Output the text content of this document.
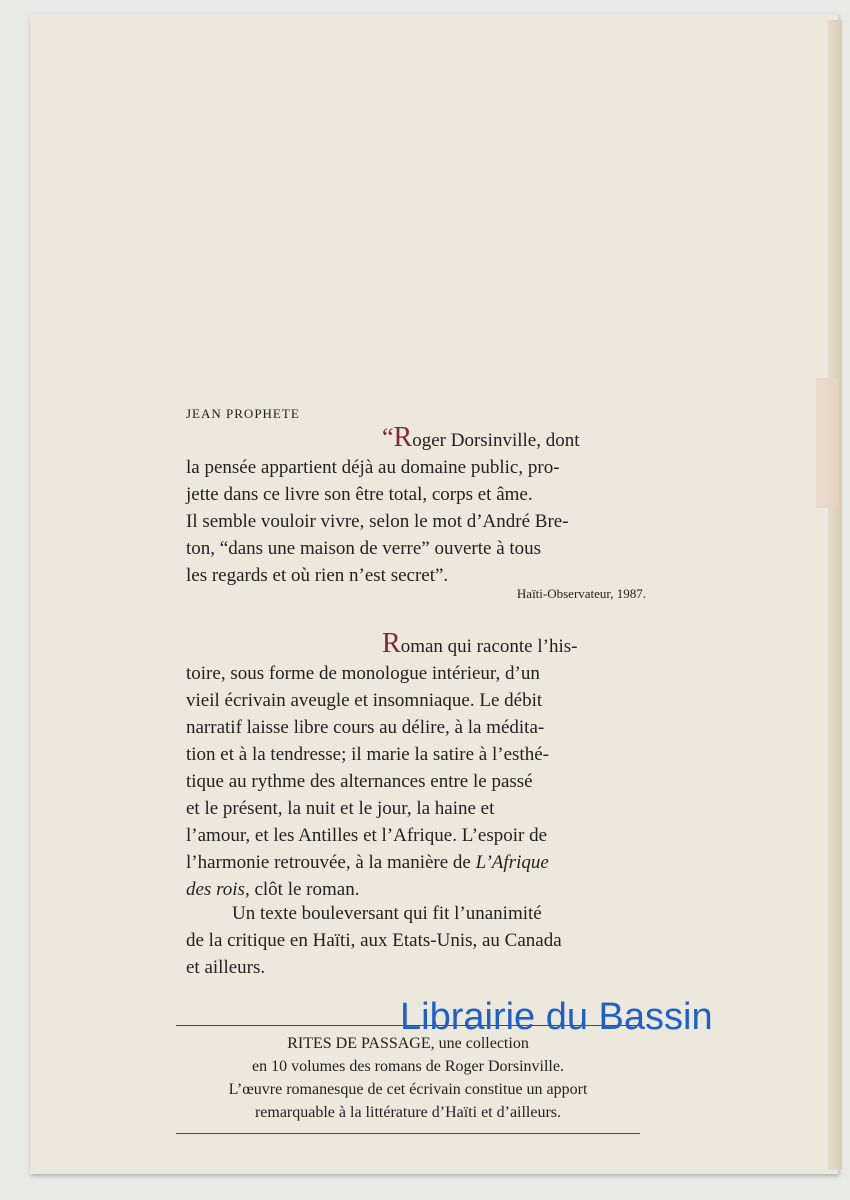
JEAN PROPHETE
“Roger Dorsinville, dont
la pensée appartient déjà au domaine public, pro-
jette dans ce livre son être total, corps et âme.
Il semble vouloir vivre, selon le mot d’André Bre-
ton, “dans une maison de verre” ouverte à tous
les regards et où rien n’est secret”.
Haïti-Observateur, 1987.
Roman qui raconte l’his-
toire, sous forme de monologue intérieur, d’un
vieil écrivain aveugle et insomniaque. Le débit
narratif laisse libre cours au délire, à la médita-
tion et à la tendresse; il marie la satire à l’esthé-
tique au rythme des alternances entre le passé
et le présent, la nuit et le jour, la haine et
l’amour, et les Antilles et l’Afrique. L’espoir de
l’harmonie retrouvée, à la manière de L’Afrique
des rois, clôt le roman.
Un texte bouleversant qui fit l’unanimité
de la critique en Haïti, aux Etats-Unis, au Canada
et ailleurs.
RITES DE PASSAGE, une collection
en 10 volumes des romans de Roger Dorsinville.
L’œuvre romanesque de cet écrivain constitue un apport
remarquable à la littérature d’Haïti et d’ailleurs.
Librairie du Bassin
